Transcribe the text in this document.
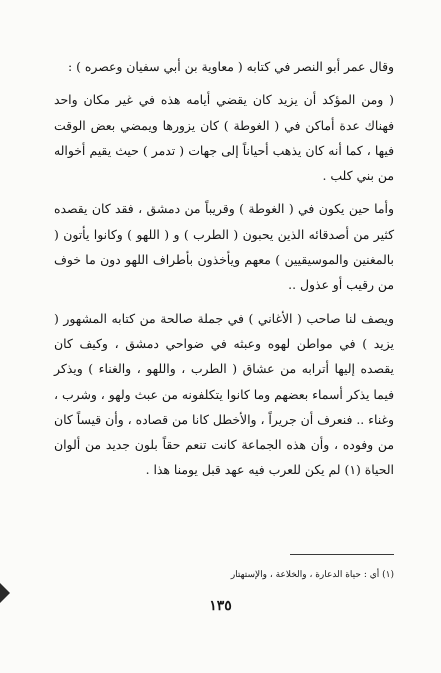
وقال عمر أبو النصر في كتابه ( معاوية بن أبي سفيان وعصره ) :

( ومن المؤكد أن يزيد كان يقضي أيامه هذه في غير مكان واحد فهناك عدة أماكن في ( الغوطة ) كان يزورها ويمضي بعض الوقت فيها ، كما أنه كان يذهب أحياناً إلى جهات ( تدمر ) حيث يقيم أخواله من بني كلب .

وأما حين يكون في ( الغوطة ) وقريباً من دمشق ، فقد كان يقصده كثير من أصدقائه الذين يحبون ( الطرب ) و ( اللهو ) وكانوا يأتون ( بالمغنين والموسيقيين ) معهم ويأخذون بأطراف اللهو دون ما خوف من رقيب أو عذول ..

ويصف لنا صاحب ( الأغاني ) في جملة صالحة من كتابه المشهور ( يزيد ) في مواطن لهوه وعبثه في ضواحي دمشق ، وكيف كان يقصده إليها أترابه من عشاق ( الطرب ، واللهو ، والغناء ) ويذكر فيما يذكر أسماء بعضهم وما كانوا يتكلفونه من عبث ولهو ، وشرب ، وغناء .. فنعرف أن جريراً ، والأخطل كانا من قصاده ، وأن قيساً كان من وفوده ، وأن هذه الجماعة كانت تنعم حقاً بلون جديد من ألوان الحياة (١) لم يكن للعرب فيه عهد قبل يومنا هذا .

(١) أي : حياة الدعارة ، والخلاعة ، والإستهتار
١٣٥
